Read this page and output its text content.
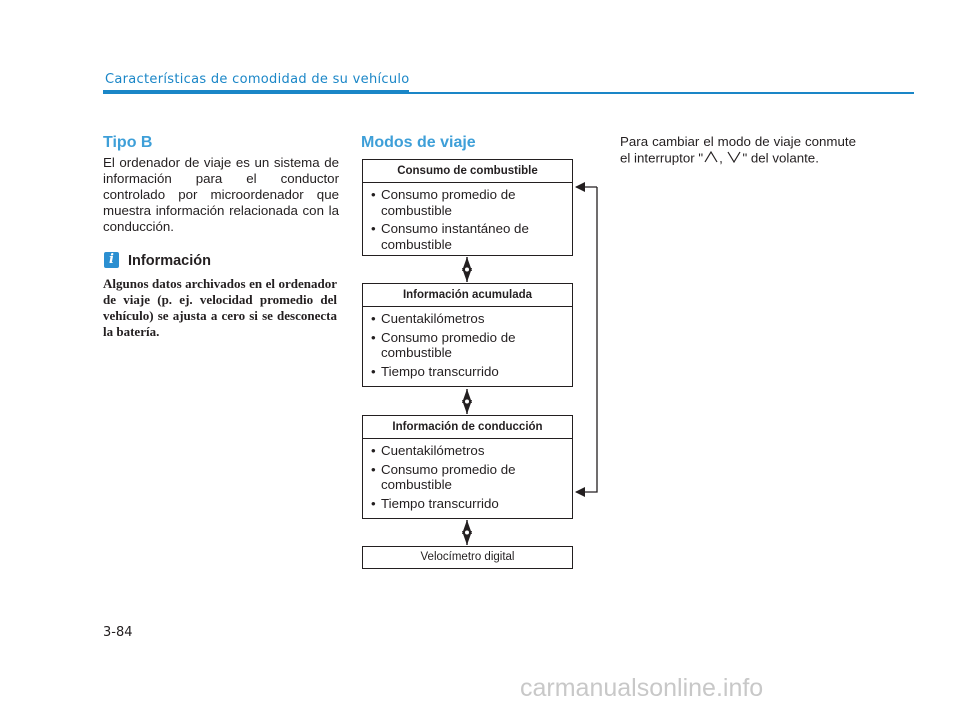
Características de comodidad de su vehículo
Tipo B
El ordenador de viaje es un sistema de información para el conductor controlado por microordenador que muestra información relacionada con la conducción.
i Información
Algunos datos archivados en el ordenador de viaje (p. ej. velocidad promedio del vehículo) se ajusta a cero si se desconecta la batería.
Modos de viaje
Consumo de combustible
• Consumo promedio de combustible
• Consumo instantáneo de combustible
Información acumulada
• Cuentakilómetros
• Consumo promedio de combustible
• Tiempo transcurrido
Información de conducción
• Cuentakilómetros
• Consumo promedio de combustible
• Tiempo transcurrido
Velocímetro digital
Para cambiar el modo de viaje conmute el interruptor " , " del volante.
3-84
carmanualsonline.info
